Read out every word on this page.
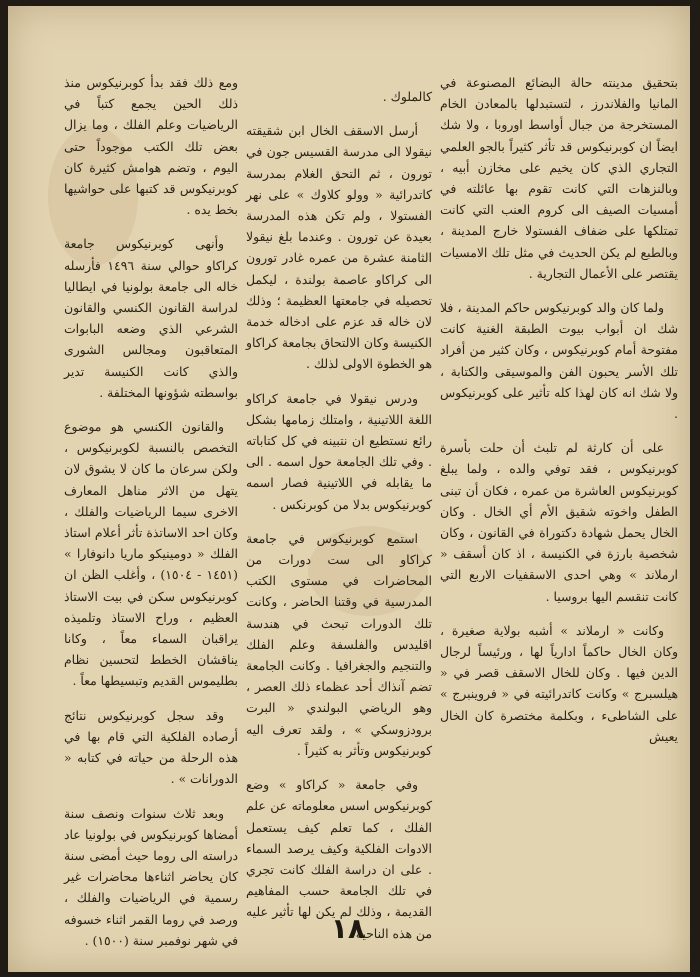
بتحقيق مدينته حالة البضائع المصنوعة في المانيا والفلاندرز ، لتستبدلها بالمعادن الخام المستخرجة من جبال أواسط اوروبا ، ولا شك ايضاً ان كوبرنيكوس قد تأثر كثيراً بالجو العلمي التجاري الذي كان يخيم على مخازن أبيه ، وبالنزهات التي كانت تقوم بها عائلته في أمسيات الصيف الى كروم العنب التي كانت تمتلكها على ضفاف الفستولا خارج المدينة ، وبالطبع لم يكن الحديث في مثل تلك الامسيات يقتصر على الأعمال التجارية .

ولما كان والد كوبرنيكوس حاكم المدينة ، فلا شك ان أبواب بيوت الطبقة الغنية كانت مفتوحة أمام كوبرنيكوس ، وكان كثير من أفراد تلك الأسر يحبون الفن والموسيقى والكتابة ، ولا شك انه كان لهذا كله تأثير على كوبرنيكوس .

على أن كارثة لم تلبث أن حلت بأسرة كوبرنيكوس ، فقد توفي والده ، ولما يبلغ كوبرنيكوس العاشرة من عمره ، فكان أن تبنى الطفل واخوته شقيق الأم أي الخال . وكان الخال يحمل شهادة دكتوراة في القانون ، وكان شخصية بارزة في الكنيسة ، اذ كان أسقف « ارملاند » وهي احدى الاسقفيات الاربع التي كانت تنقسم اليها بروسيا .

وكانت « ارملاند » أشبه بولاية صغيرة ، وكان الخال حاكماً ادارياً لها ، ورئيساً لرجال الدين فيها . وكان للخال الاسقف قصر في « هيلسبرج » وكانت كاتدرائيته في « فروينبرج » على الشاطىء ، وبكلمة مختصرة كان الخال يعيش

كالملوك .

أرسل الاسقف الخال ابن شقيقته نيقولا الى مدرسة القسيس جون في تورون ، ثم التحق الغلام بمدرسة كاتدرائية « وولو كلاوك » على نهر الفستولا ، ولم تكن هذه المدرسة بعيدة عن تورون . وعندما بلغ نيقولا الثامنة عشرة من عمره غادر تورون الى كراكاو عاصمة بولندة ، ليكمل تحصيله في جامعتها العظيمة ؛ وذلك لان خاله قد عزم على ادخاله خدمة الكنيسة وكان الالتحاق بجامعة كراكاو هو الخطوة الاولى لذلك .

ودرس نيقولا في جامعة كراكاو اللغة اللاتينية ، وامتلك زمامها بشكل رائع نستطيع ان نتبينه في كل كتاباته . وفي تلك الجامعة حول اسمه . الى ما يقابله في اللاتينية فصار اسمه كوبرنيكوس بدلا من كوبرنكس .

استمع كوبرنيكوس في جامعة كراكاو الى ست دورات من المحاضرات في مستوى الكتب المدرسية في وقتنا الحاضر ، وكانت تلك الدورات تبحث في هندسة اقليدس والفلسفة وعلم الفلك والتنجيم والجغرافيا . وكانت الجامعة تضم آنذاك أحد عظماء ذلك العصر ، وهو الرياضي البولندي « البرت برودزوسكي » ، ولقد تعرف اليه كوبرنيكوس وتأثر به كثيراً .

وفي جامعة « كراكاو » وضع كوبرنيكوس اسس معلوماته عن علم الفلك ، كما تعلم كيف يستعمل الادوات الفلكية وكيف يرصد السماء . على ان دراسة الفلك كانت تجري في تلك الجامعة حسب المفاهيم القديمة ، وذلك لم يكن لها تأثير عليه من هذه الناحية

ومع ذلك فقد بدأ كوبرنيكوس منذ ذلك الحين يجمع كتباً في الرياضيات وعلم الفلك ، وما يزال بعض تلك الكتب موجوداً حتى اليوم ، وتضم هوامش كثيرة كان كوبرنيكوس قد كتبها على حواشيها بخط يده .

وأنهى كوبرنيكوس جامعة كراكاو حوالي سنة ١٤٩٦ فأرسله خاله الى جامعة بولونيا في ايطاليا لدراسة القانون الكنسي والقانون الشرعي الذي وضعه البابوات المتعاقبون ومجالس الشورى والذي كانت الكنيسة تدير بواسطته شؤونها المختلفة .

والقانون الكنسي هو موضوع التخصص بالنسبة لكوبرنيكوس ، ولكن سرعان ما كان لا يشوق لان يتهل من الاثر مناهل المعارف الاخرى سيما الرياضيات والفلك ، وكان احد الاساتذة تأثر أعلام استاذ الفلك « دومينيكو ماريا دانوفارا » (١٤٥١ - ١٥٠٤) ، وأغلب الظن ان كوبرنيكوس سكن في بيت الاستاذ العظيم ، وراح الاستاذ وتلميذه يراقبان السماء معاً ، وكانا يناقشان الخطط لتحسين نظام بطليموس القديم وتبسيطها معاً .

وقد سجل كوبرنيكوس نتائج أرصاده الفلكية التي قام بها في هذه الرحلة من حياته في كتابه « الدورانات » .

وبعد ثلاث سنوات ونصف سنة أمضاها كوبرنيكوس في بولونيا عاد دراسته الى روما حيث أمضى سنة كان يحاضر اثناءها محاضرات غير رسمية في الرياضيات والفلك ، ورصد في روما القمر اثناء خسوفه في شهر نوفمبر سنة (١٥٠٠) .	١٨
